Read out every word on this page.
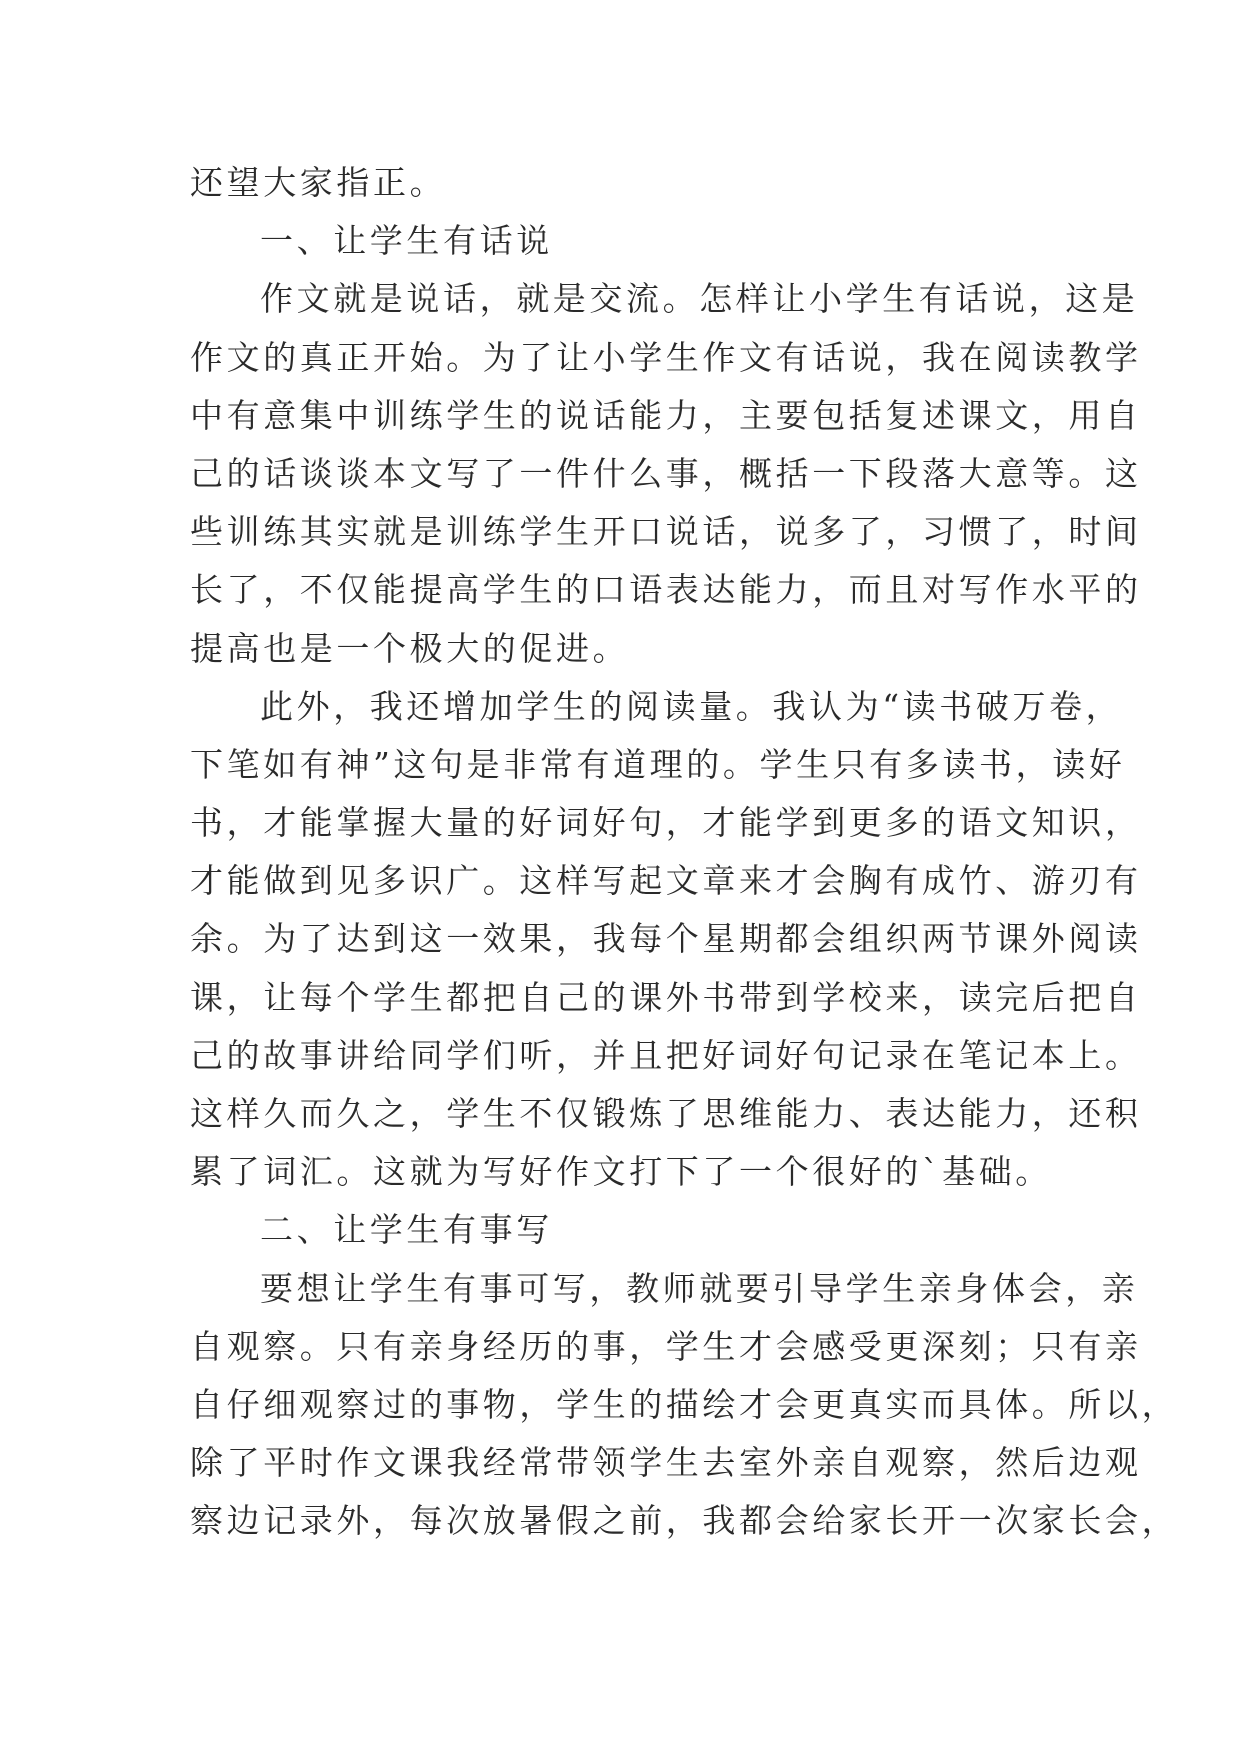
还望大家指正。
一、让学生有话说
作文就是说话，就是交流。怎样让小学生有话说，这是
作文的真正开始。为了让小学生作文有话说，我在阅读教学
中有意集中训练学生的说话能力，主要包括复述课文，用自
己的话谈谈本文写了一件什么事，概括一下段落大意等。这
些训练其实就是训练学生开口说话，说多了，习惯了，时间
长了，不仅能提高学生的口语表达能力，而且对写作水平的
提高也是一个极大的促进。
此外，我还增加学生的阅读量。我认为“读书破万卷，
下笔如有神”这句是非常有道理的。学生只有多读书，读好
书，才能掌握大量的好词好句，才能学到更多的语文知识，
才能做到见多识广。这样写起文章来才会胸有成竹、游刃有
余。为了达到这一效果，我每个星期都会组织两节课外阅读
课，让每个学生都把自己的课外书带到学校来，读完后把自
己的故事讲给同学们听，并且把好词好句记录在笔记本上。
这样久而久之，学生不仅锻炼了思维能力、表达能力，还积
累了词汇。这就为写好作文打下了一个很好的`基础。
二、让学生有事写
要想让学生有事可写，教师就要引导学生亲身体会，亲
自观察。只有亲身经历的事，学生才会感受更深刻；只有亲
自仔细观察过的事物，学生的描绘才会更真实而具体。所以，
除了平时作文课我经常带领学生去室外亲自观察，然后边观
察边记录外，每次放暑假之前，我都会给家长开一次家长会，
